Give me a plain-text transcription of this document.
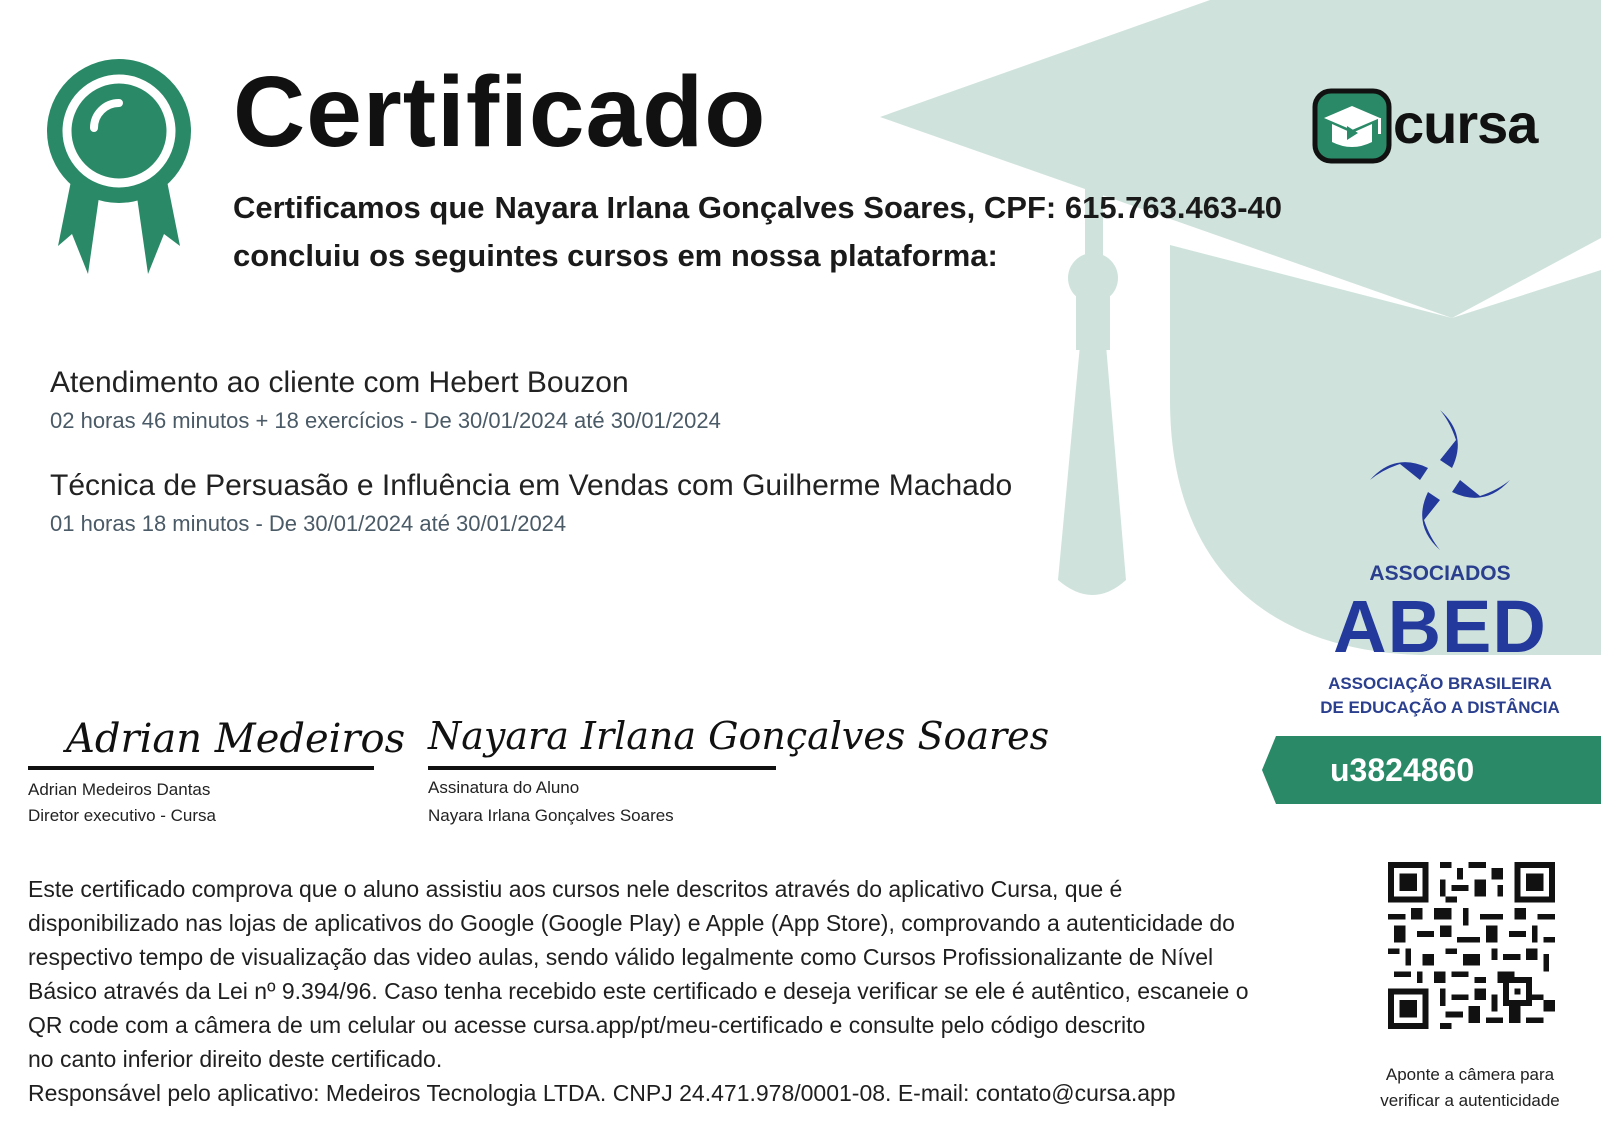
Certificado
Certificamos que Nayara Irlana Gonçalves Soares, CPF: 615.763.463-40
concluiu os seguintes cursos em nossa plataforma:
cursa
Atendimento ao cliente com Hebert Bouzon
02 horas 46 minutos + 18 exercícios - De 30/01/2024 até 30/01/2024
Técnica de Persuasão e Influência em Vendas com Guilherme Machado
01 horas 18 minutos - De 30/01/2024 até 30/01/2024
ASSOCIADOS
ABED
ASSOCIAÇÃO BRASILEIRA
DE EDUCAÇÃO A DISTÂNCIA
u3824860
Adrian Medeiros
Adrian Medeiros Dantas
Diretor executivo - Cursa
Nayara Irlana Gonçalves Soares
Assinatura do Aluno
Nayara Irlana Gonçalves Soares

Este certificado comprova que o aluno assistiu aos cursos nele descritos através do aplicativo Cursa, que é

disponibilizado nas lojas de aplicativos do Google (Google Play) e Apple (App Store), comprovando a autenticidade do

respectivo tempo de visualização das video aulas, sendo válido legalmente como Cursos Profissionalizante de Nível

Básico através da Lei nº 9.394/96. Caso tenha recebido este certificado e deseja verificar se ele é autêntico, escaneie o

QR code com a câmera de um celular ou acesse cursa.app/pt/meu-certificado e consulte pelo código descrito

no canto inferior direito deste certificado.

Responsável pelo aplicativo: Medeiros Tecnologia LTDA. CNPJ 24.471.978/0001-08. E-mail: contato@cursa.app

Aponte a câmera para
verificar a autenticidade
